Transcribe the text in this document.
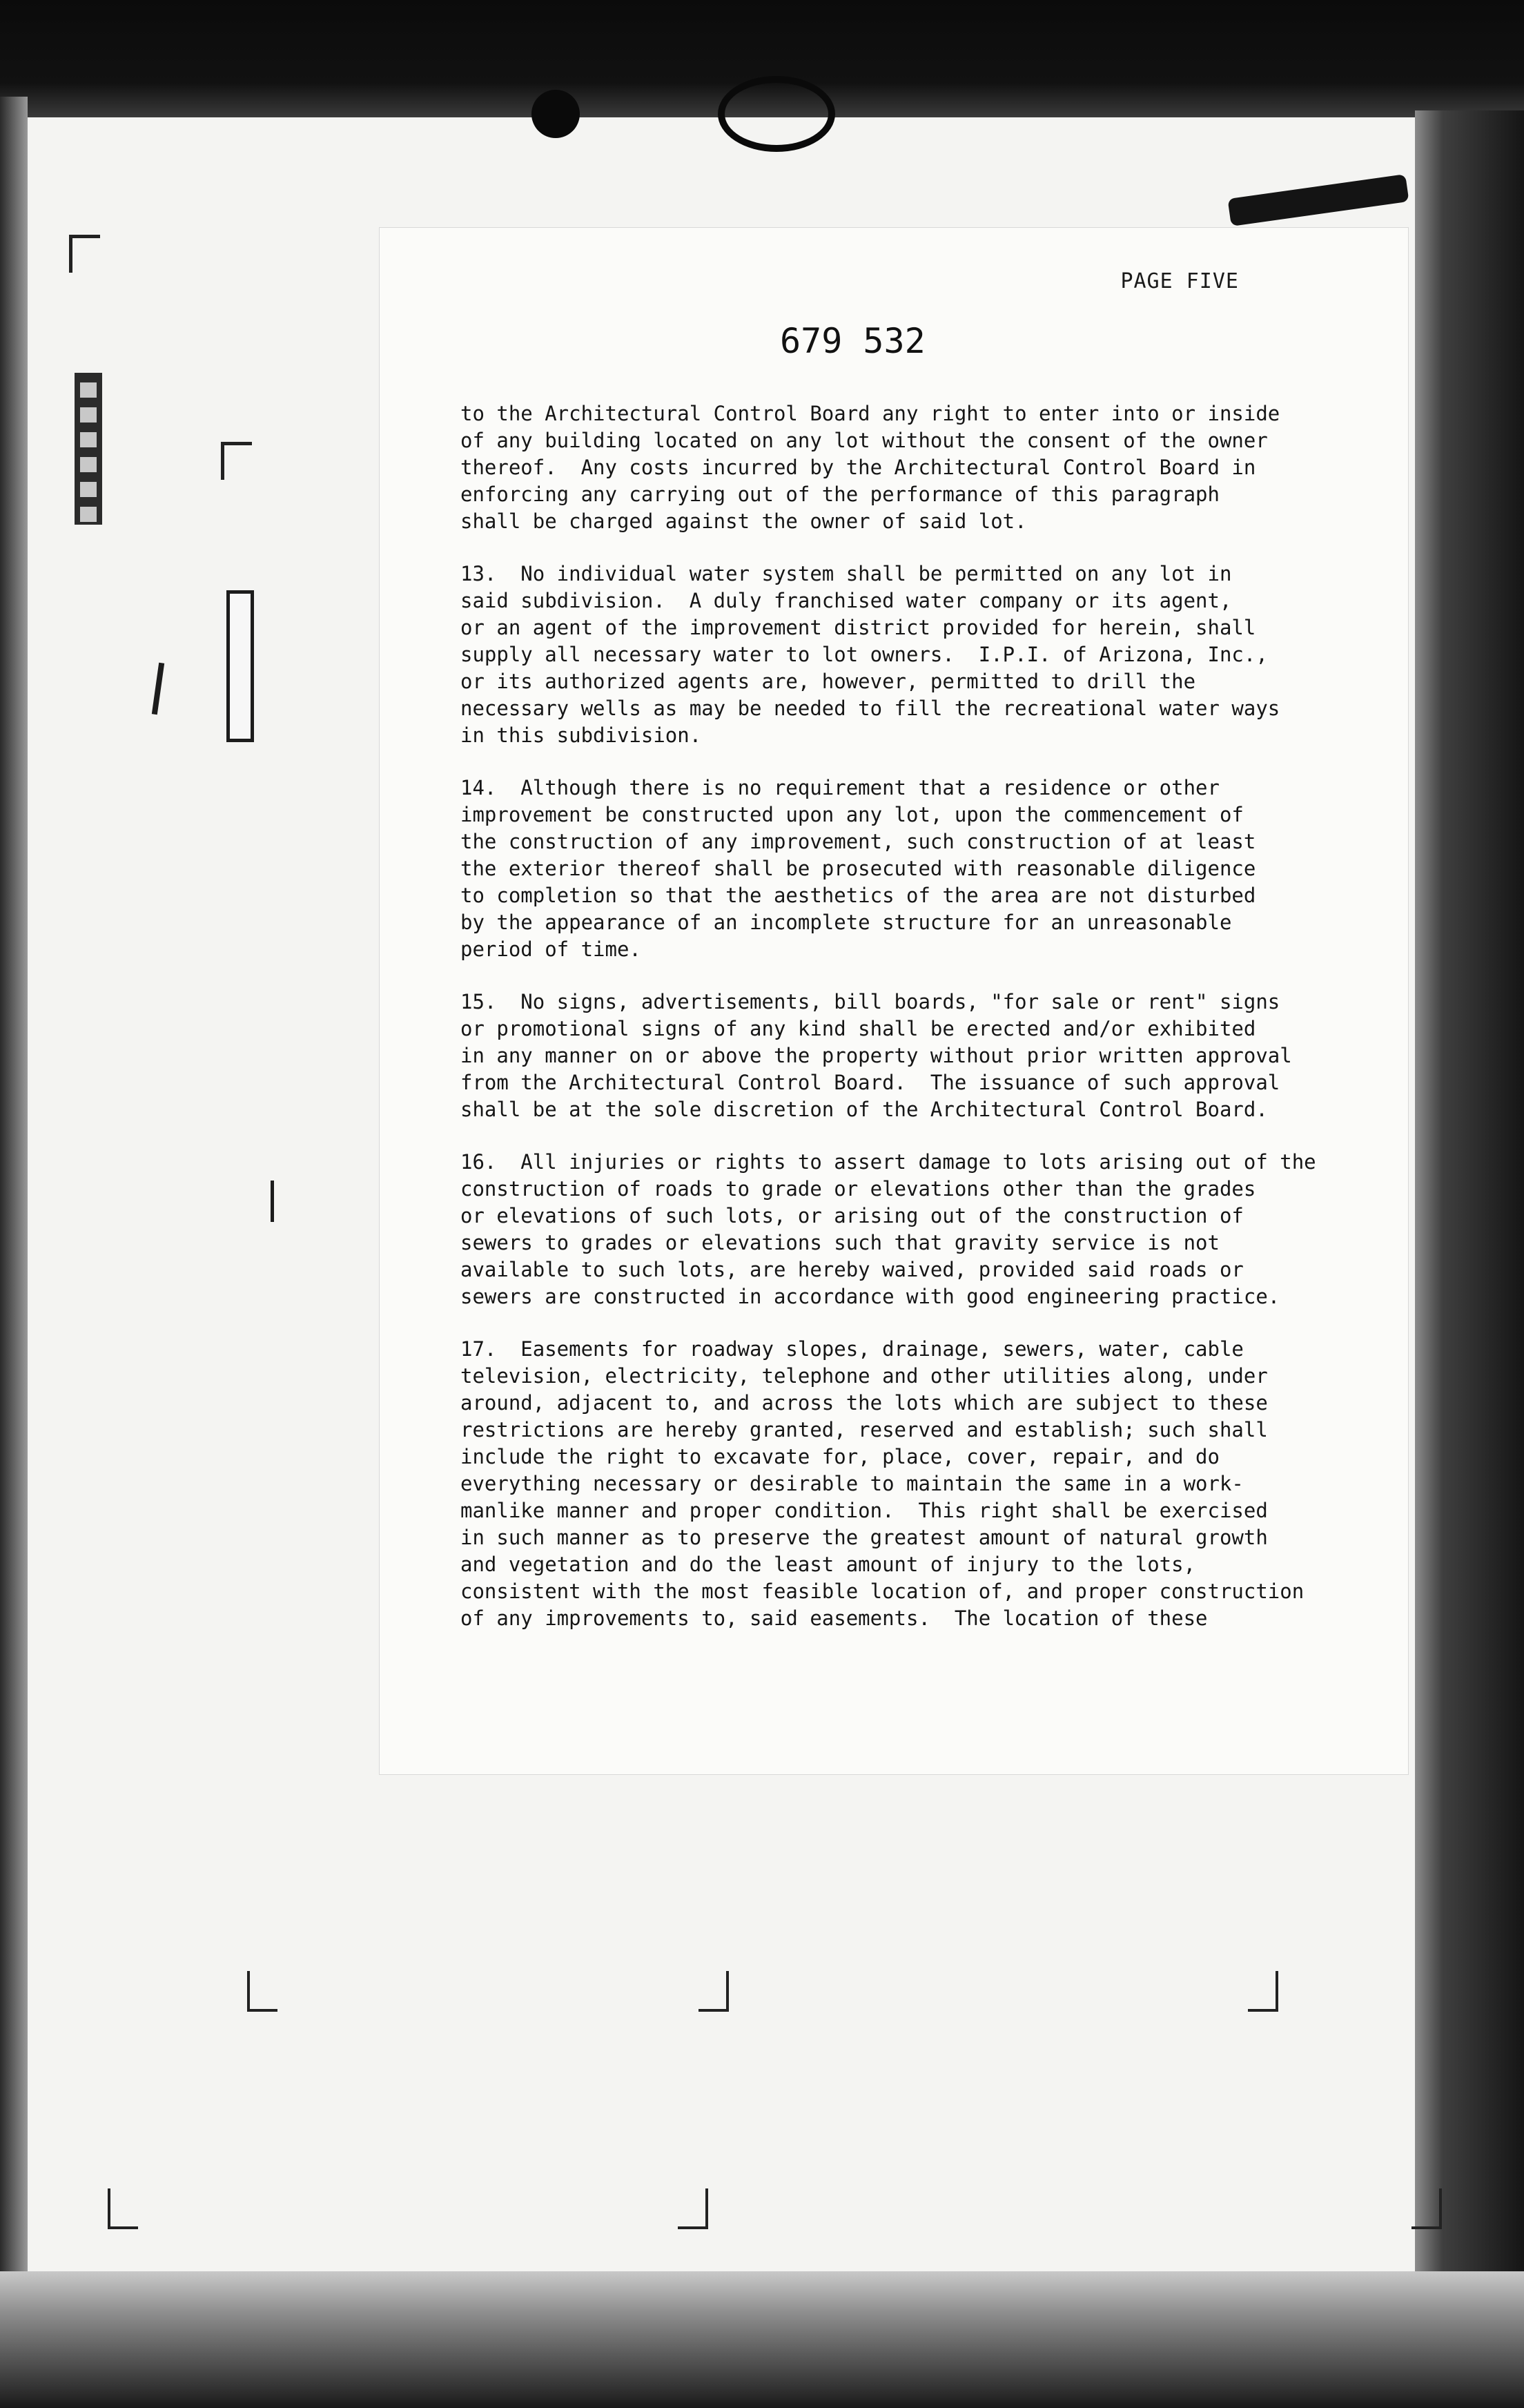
PAGE FIVE

679 532

to the Architectural Control Board any right to enter into or inside
of any building located on any lot without the consent of the owner
thereof.  Any costs incurred by the Architectural Control Board in
enforcing any carrying out of the performance of this paragraph
shall be charged against the owner of said lot.

13.  No individual water system shall be permitted on any lot in
said subdivision.  A duly franchised water company or its agent,
or an agent of the improvement district provided for herein, shall
supply all necessary water to lot owners.  I.P.I. of Arizona, Inc.,
or its authorized agents are, however, permitted to drill the
necessary wells as may be needed to fill the recreational water ways
in this subdivision.

14.  Although there is no requirement that a residence or other
improvement be constructed upon any lot, upon the commencement of
the construction of any improvement, such construction of at least
the exterior thereof shall be prosecuted with reasonable diligence
to completion so that the aesthetics of the area are not disturbed
by the appearance of an incomplete structure for an unreasonable
period of time.

15.  No signs, advertisements, bill boards, "for sale or rent" signs
or promotional signs of any kind shall be erected and/or exhibited
in any manner on or above the property without prior written approval
from the Architectural Control Board.  The issuance of such approval
shall be at the sole discretion of the Architectural Control Board.

16.  All injuries or rights to assert damage to lots arising out of the
construction of roads to grade or elevations other than the grades
or elevations of such lots, or arising out of the construction of
sewers to grades or elevations such that gravity service is not
available to such lots, are hereby waived, provided said roads or
sewers are constructed in accordance with good engineering practice.

17.  Easements for roadway slopes, drainage, sewers, water, cable
television, electricity, telephone and other utilities along, under
around, adjacent to, and across the lots which are subject to these
restrictions are hereby granted, reserved and establish; such shall
include the right to excavate for, place, cover, repair, and do
everything necessary or desirable to maintain the same in a work-
manlike manner and proper condition.  This right shall be exercised
in such manner as to preserve the greatest amount of natural growth
and vegetation and do the least amount of injury to the lots,
consistent with the most feasible location of, and proper construction
of any improvements to, said easements.  The location of these
